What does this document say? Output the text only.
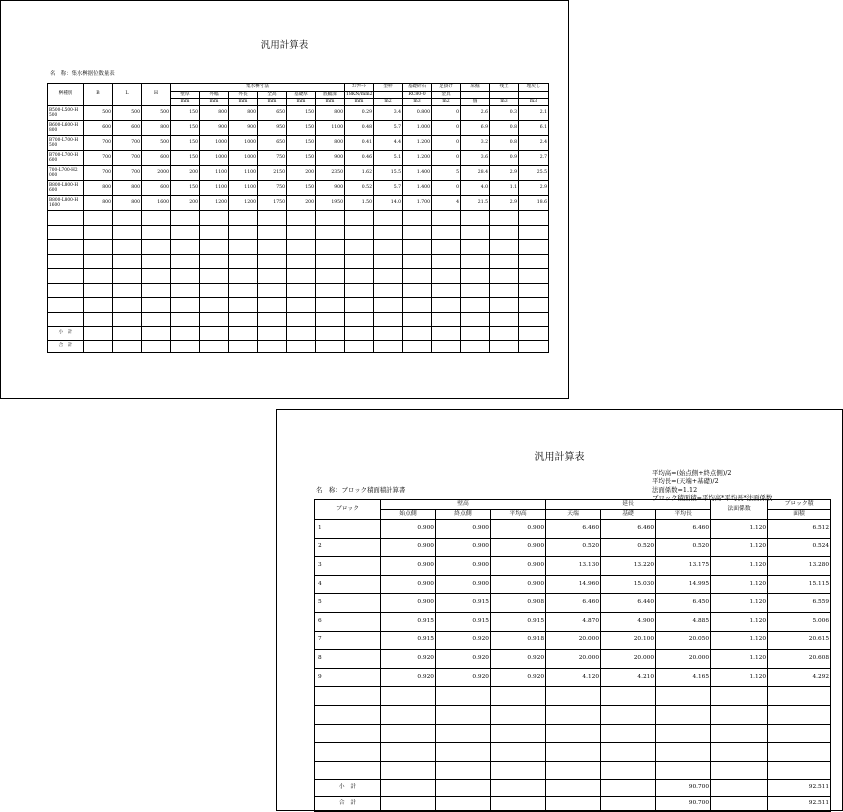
汎用計算表
名　称：集水桝据位数量表
桝種別	B	L	H	集水桝寸法						ｺﾝｸﾘｰﾄ	型枠	基礎砕石	足掛け	床掘	残土	埋戻し	
				壁厚	外幅	外長	全高	基礎厚	底幅深	18KN/mm2		RC80-0	金具				
				mm	mm	mm	mm	mm	mm	mm	m2	m3	m2	個	m3	m3	
B500-L500-H 500	500	500	500	150	800	800	650	150	800	0.29	3.4	0.800	0	2.6	0.3	2.1	
B600-L600-H 800	600	600	800	150	900	900	950	150	1100	0.48	5.7	1.000	0	6.9	0.8	6.1	
B700-L700-H 500	700	700	500	150	1000	1000	650	150	800	0.41	4.4	1.200	0	3.2	0.8	2.4	
B700-L700-H 600	700	700	600	150	1000	1000	750	150	900	0.46	5.1	1.200	0	3.6	0.9	2.7	
700-L700-H2 000	700	700	2000	200	1100	1100	2150	200	2350	1.62	15.5	1.400	5	28.4	2.9	25.5	
B800-L800-H 600	800	800	600	150	1100	1100	750	150	900	0.52	5.7	1.400	0	4.0	1.1	2.9	
B800-L800-H 1600	800	800	1600	200	1200	1200	1750	200	1950	1.50	14.0	1.700	4	21.5	2.9	18.6	

小　計																	
合　計																	
汎用計算表
平均高=(始点側+終点側)/2
平均長=(天端+基礎)/2
法面係数=1.12
ブロック積面積=平均高*平均長*法面係数
名　称：ブロック積面積計算書
ブロック	壁高			延長			法面係数	ブロック積
	始点側	終点側	平均高	天端	基礎	平均長		面積
1	0.900	0.900	0.900	6.460	6.460	6.460	1.120	6.512
2	0.900	0.900	0.900	0.520	0.520	0.520	1.120	0.524
3	0.900	0.900	0.900	13.130	13.220	13.175	1.120	13.280
4	0.900	0.900	0.900	14.960	15.030	14.995	1.120	15.115
5	0.900	0.915	0.908	6.460	6.440	6.450	1.120	6.559
6	0.915	0.915	0.915	4.870	4.900	4.885	1.120	5.006
7	0.915	0.920	0.918	20.000	20.100	20.050	1.120	20.615
8	0.920	0.920	0.920	20.000	20.000	20.000	1.120	20.608
9	0.920	0.920	0.920	4.120	4.210	4.165	1.120	4.292

小　計						90.700		92.511
合　計						90.700		92.511
